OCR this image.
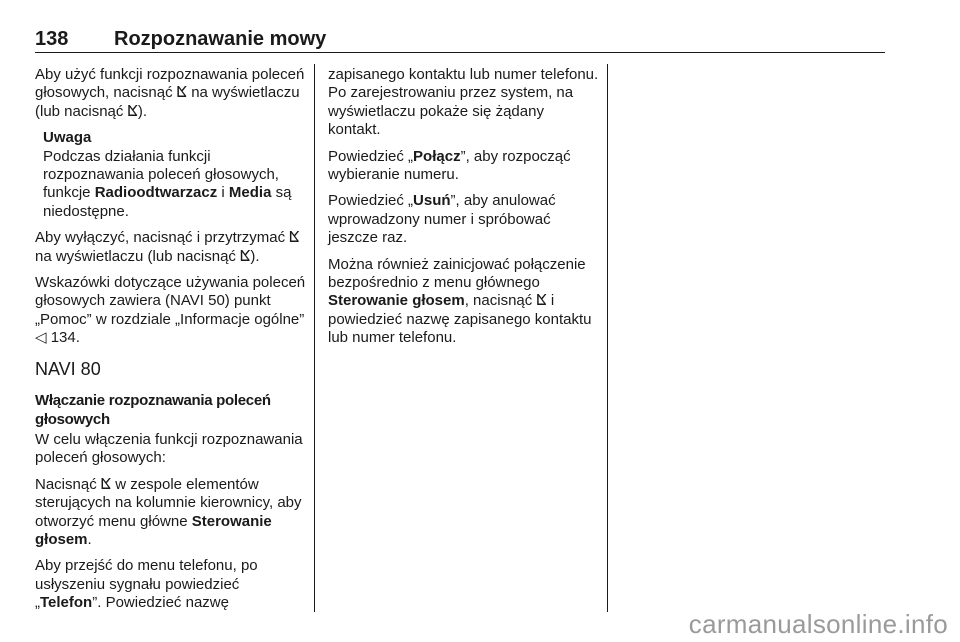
138 Rozpoznawanie mowy

Aby użyć funkcji rozpoznawania poleceń głosowych, nacisnąć ⴿ na wyświetlaczu (lub nacisnąć ⴿ).

Uwaga
Podczas działania funkcji rozpoznawania poleceń głosowych, funkcje Radioodtwarzacz i Media są niedostępne.

Aby wyłączyć, nacisnąć i przytrzymać ⴿ na wyświetlaczu (lub nacisnąć ⴿ).

Wskazówki dotyczące używania poleceń głosowych zawiera (NAVI 50) punkt „Pomoc” w rozdziale „Informacje ogólne” ◁ 134.

NAVI 80
Włączanie rozpoznawania poleceń głosowych

W celu włączenia funkcji rozpoznawania poleceń głosowych:

Nacisnąć ⴿ w zespole elementów sterujących na kolumnie kierownicy, aby otworzyć menu główne Sterowanie głosem.

Aby przejść do menu telefonu, po usłyszeniu sygnału powiedzieć „Telefon”. Powiedzieć nazwę

zapisanego kontaktu lub numer telefonu. Po zarejestrowaniu przez system, na wyświetlaczu pokaże się żądany kontakt.

Powiedzieć „Połącz”, aby rozpocząć wybieranie numeru.

Powiedzieć „Usuń”, aby anulować wprowadzony numer i spróbować jeszcze raz.

Można również zainicjować połączenie bezpośrednio z menu głównego Sterowanie głosem, nacisnąć ⴿ i powiedzieć nazwę zapisanego kontaktu lub numer telefonu.

carmanualsonline.info
